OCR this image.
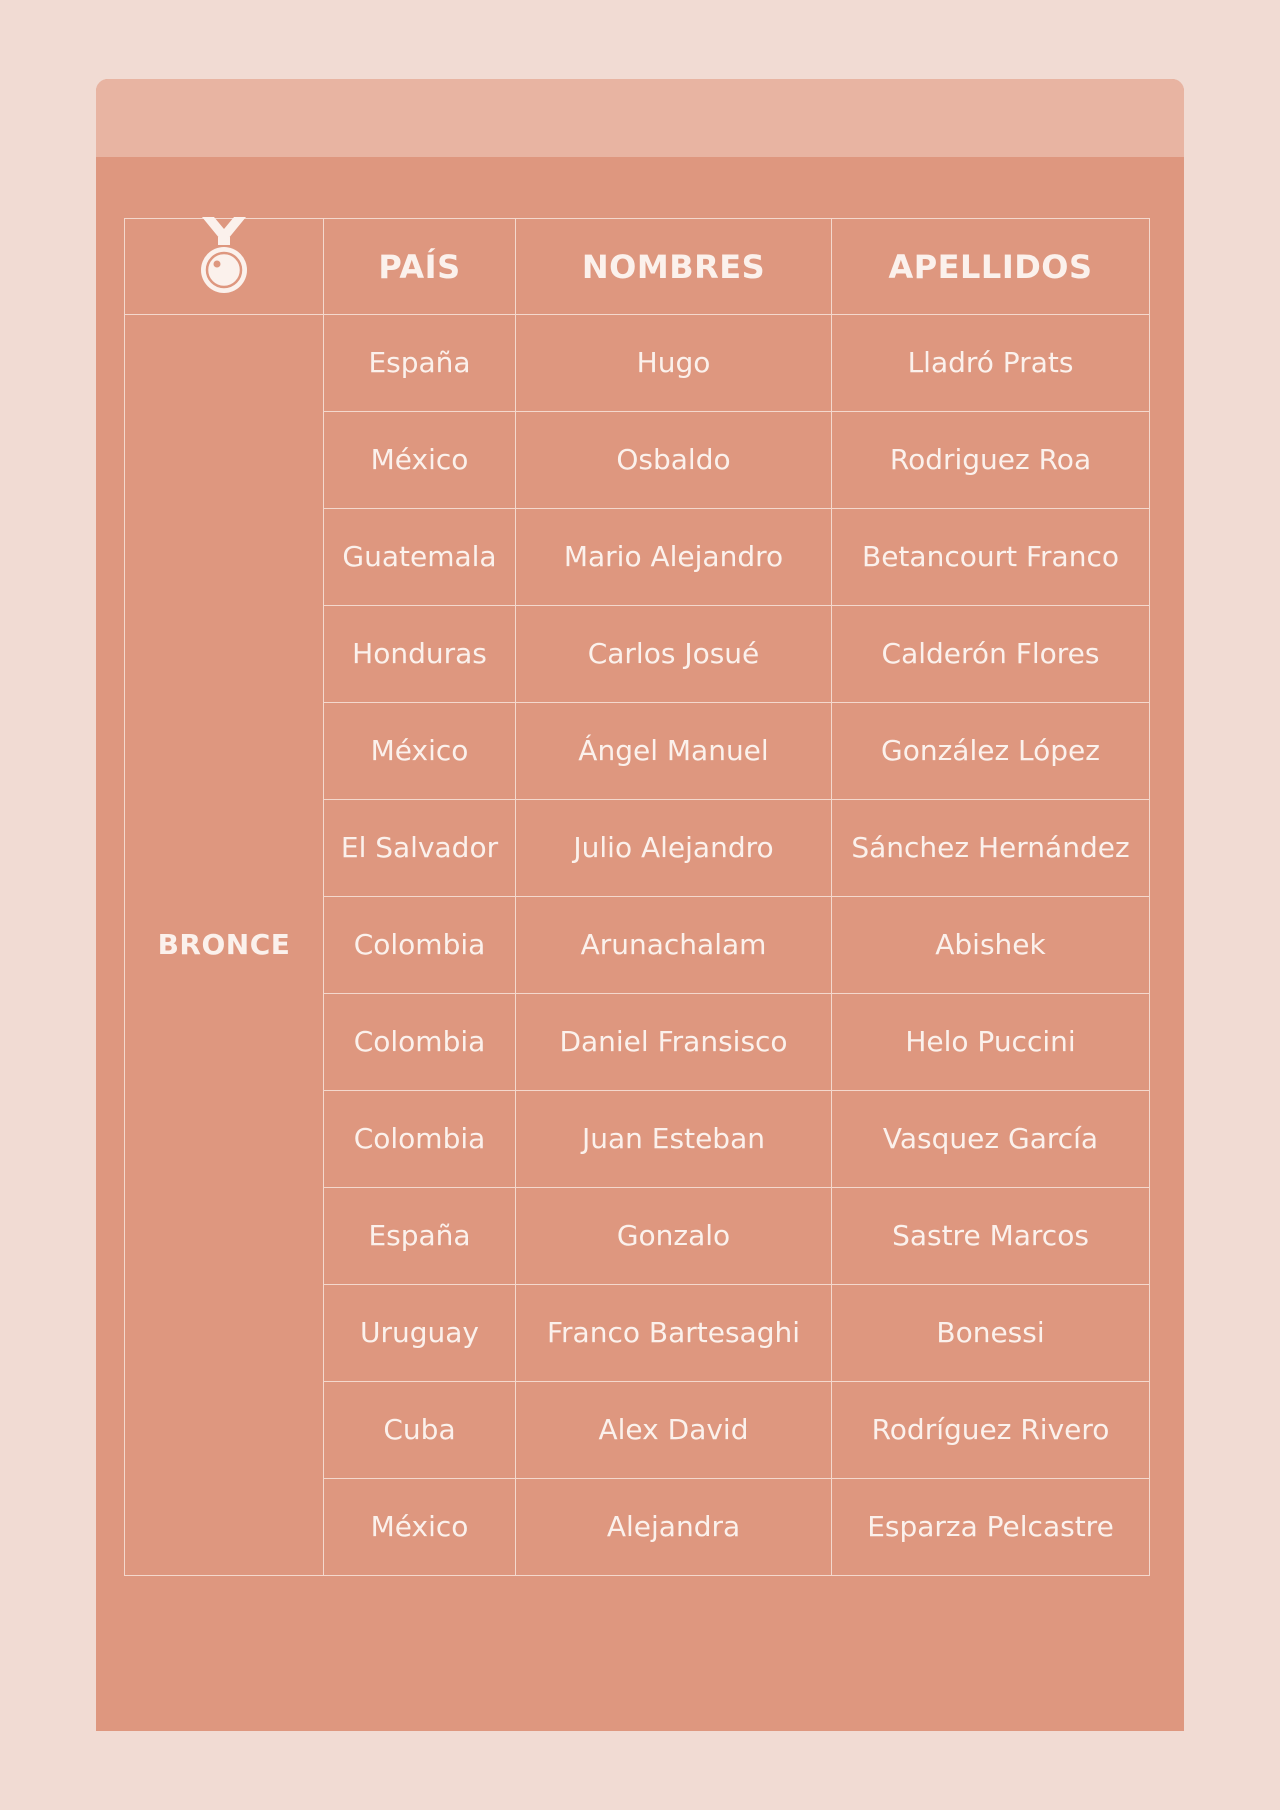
	PAÍS	NOMBRES	APELLIDOS
BRONCE	España	Hugo	Lladró Prats
	México	Osbaldo	Rodriguez Roa
	Guatemala	Mario Alejandro	Betancourt Franco
	Honduras	Carlos Josué	Calderón Flores
	México	Ángel Manuel	González López
	El Salvador	Julio Alejandro	Sánchez Hernández
	Colombia	Arunachalam	Abishek
	Colombia	Daniel Fransisco	Helo Puccini
	Colombia	Juan Esteban	Vasquez García
	España	Gonzalo	Sastre Marcos
	Uruguay	Franco Bartesaghi	Bonessi
	Cuba	Alex David	Rodríguez Rivero
	México	Alejandra	Esparza Pelcastre
